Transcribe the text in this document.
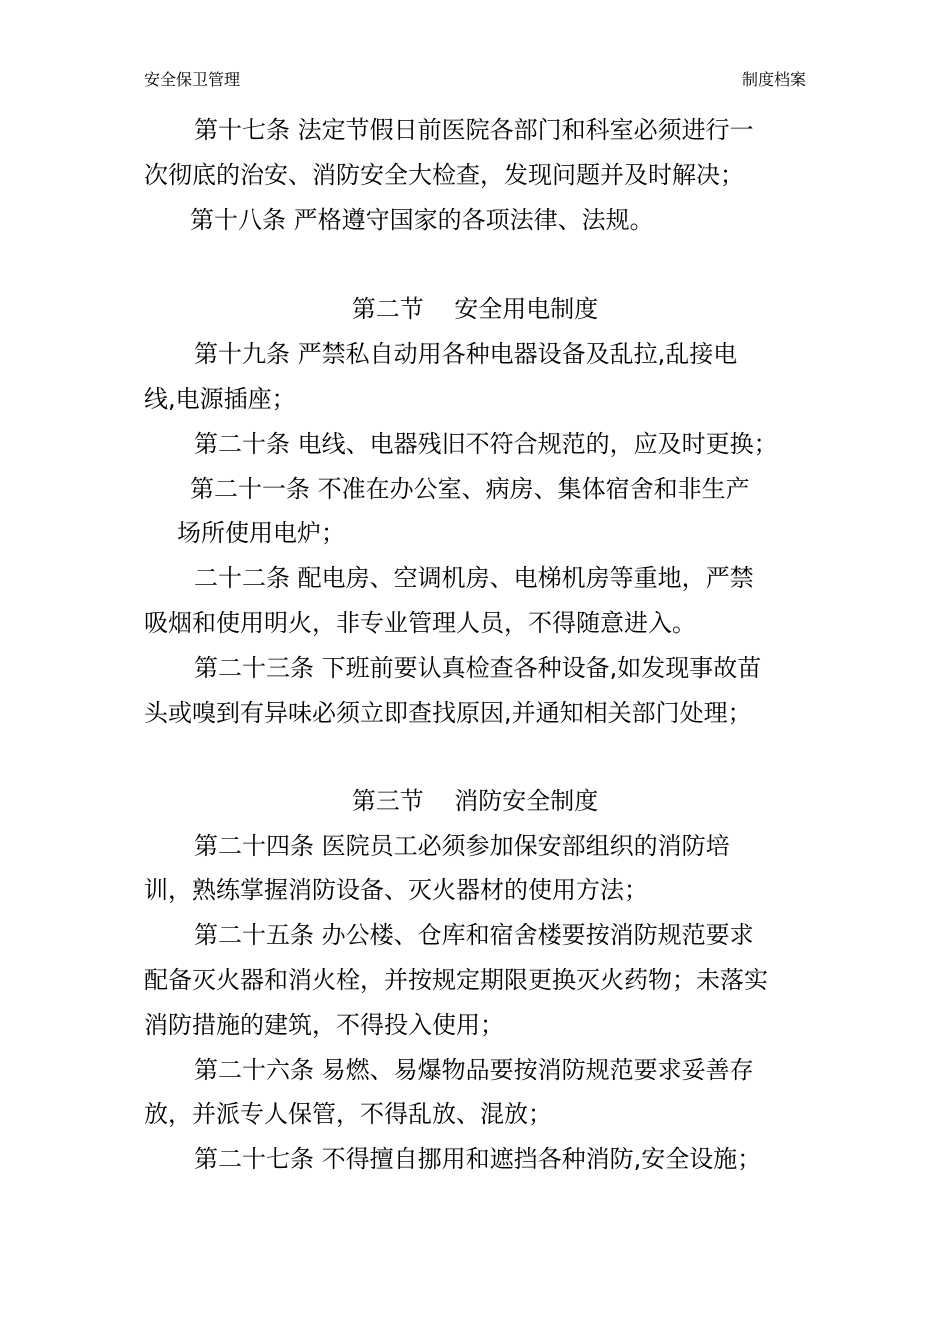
安全保卫管理	制度档案
第十七条 法定节假日前医院各部门和科室必须进行一
次彻底的治安、消防安全大检查，发现问题并及时解决；
第十八条 严格遵守国家的各项法律、法规。
第二节    安全用电制度
第十九条 严禁私自动用各种电器设备及乱拉,乱接电
线,电源插座；
第二十条 电线、电器残旧不符合规范的，应及时更换；
第二十一条 不准在办公室、病房、集体宿舍和非生产
场所使用电炉；
二十二条 配电房、空调机房、电梯机房等重地，严禁
吸烟和使用明火，非专业管理人员，不得随意进入。
第二十三条 下班前要认真检查各种设备,如发现事故苗
头或嗅到有异味必须立即查找原因,并通知相关部门处理；
第三节    消防安全制度
第二十四条 医院员工必须参加保安部组织的消防培
训，熟练掌握消防设备、灭火器材的使用方法；
第二十五条 办公楼、仓库和宿舍楼要按消防规范要求
配备灭火器和消火栓，并按规定期限更换灭火药物；未落实
消防措施的建筑，不得投入使用；
第二十六条 易燃、易爆物品要按消防规范要求妥善存
放，并派专人保管，不得乱放、混放；
第二十七条 不得擅自挪用和遮挡各种消防,安全设施；
